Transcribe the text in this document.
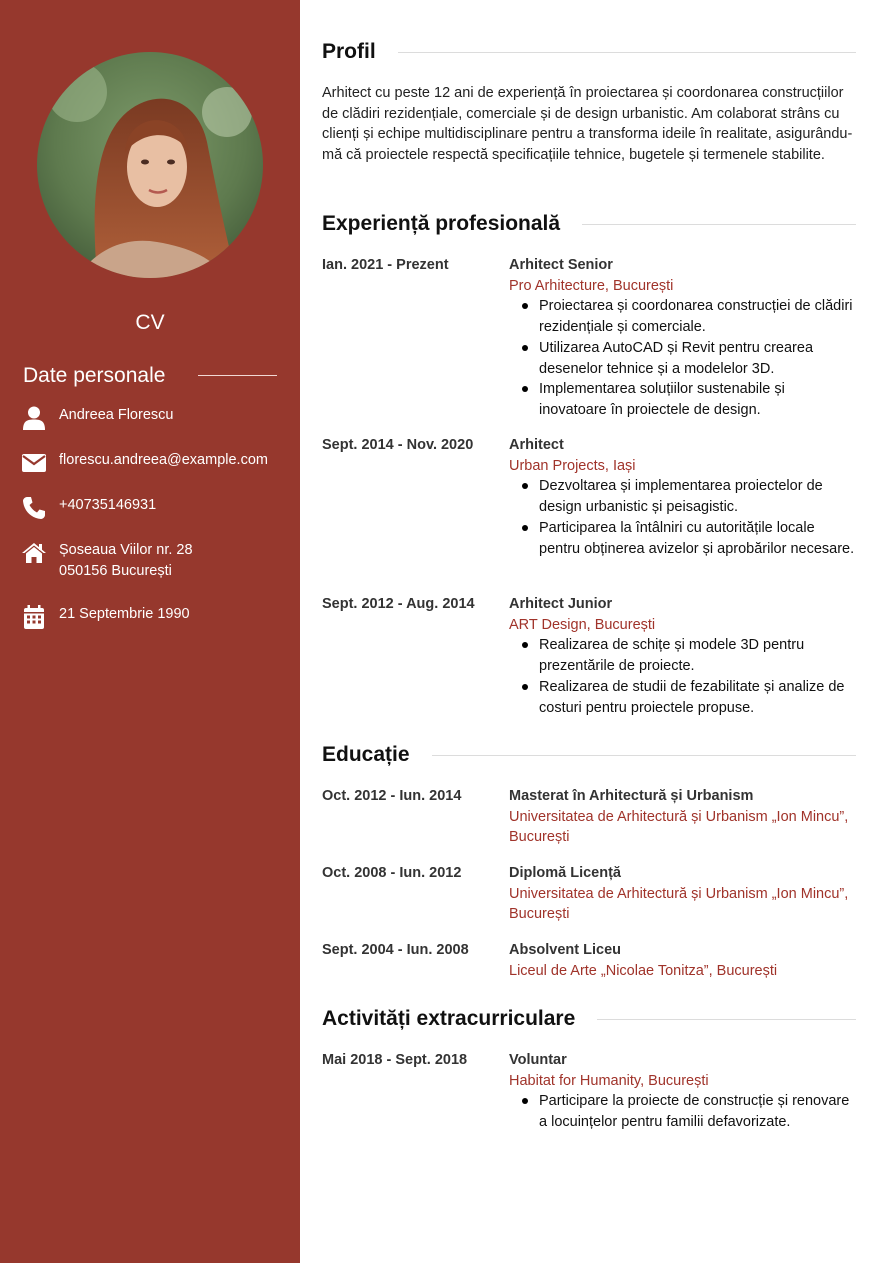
CV
Date personale
Andreea Florescu
florescu.andreea@example.com
+40735146931
Șoseaua Viilor nr. 28
050156 București
21 Septembrie 1990
Profil

Arhitect cu peste 12 ani de experiență în proiectarea și coordonarea construcțiilor de clădiri rezidențiale, comerciale și de design urbanistic. Am colaborat strâns cu clienți și echipe multidisciplinare pentru a transforma ideile în realitate, asigurându-mă că proiectele respectă specificațiile tehnice, bugetele și termenele stabilite.

Experiență profesională
Ian. 2021 - Prezent	Arhitect Senior
Pro Arhitecture, București
Proiectarea și coordonarea construcției de clădiri rezidențiale și comerciale.
Utilizarea AutoCAD și Revit pentru crearea desenelor tehnice și a modelelor 3D.
Implementarea soluțiilor sustenabile și inovatoare în proiectele de design.
Sept. 2014 - Nov. 2020	Arhitect
Urban Projects, Iași
Dezvoltarea și implementarea proiectelor de design urbanistic și peisagistic.
Participarea la întâlniri cu autoritățile locale pentru obținerea avizelor și aprobărilor necesare.
Sept. 2012 - Aug. 2014	Arhitect Junior
ART Design, București
Realizarea de schițe și modele 3D pentru prezentările de proiecte.
Realizarea de studii de fezabilitate și analize de costuri pentru proiectele propuse.
Educație
Oct. 2012 - Iun. 2014	Masterat în Arhitectură și Urbanism
Universitatea de Arhitectură și Urbanism „Ion Mincu”, București
Oct. 2008 - Iun. 2012	Diplomă Licență
Universitatea de Arhitectură și Urbanism „Ion Mincu”, București
Sept. 2004 - Iun. 2008	Absolvent Liceu
Liceul de Arte „Nicolae Tonitza”, București
Activități extracurriculare
Mai 2018 - Sept. 2018	Voluntar
Habitat for Humanity, București
Participare la proiecte de construcție și renovare a locuințelor pentru familii defavorizate.
